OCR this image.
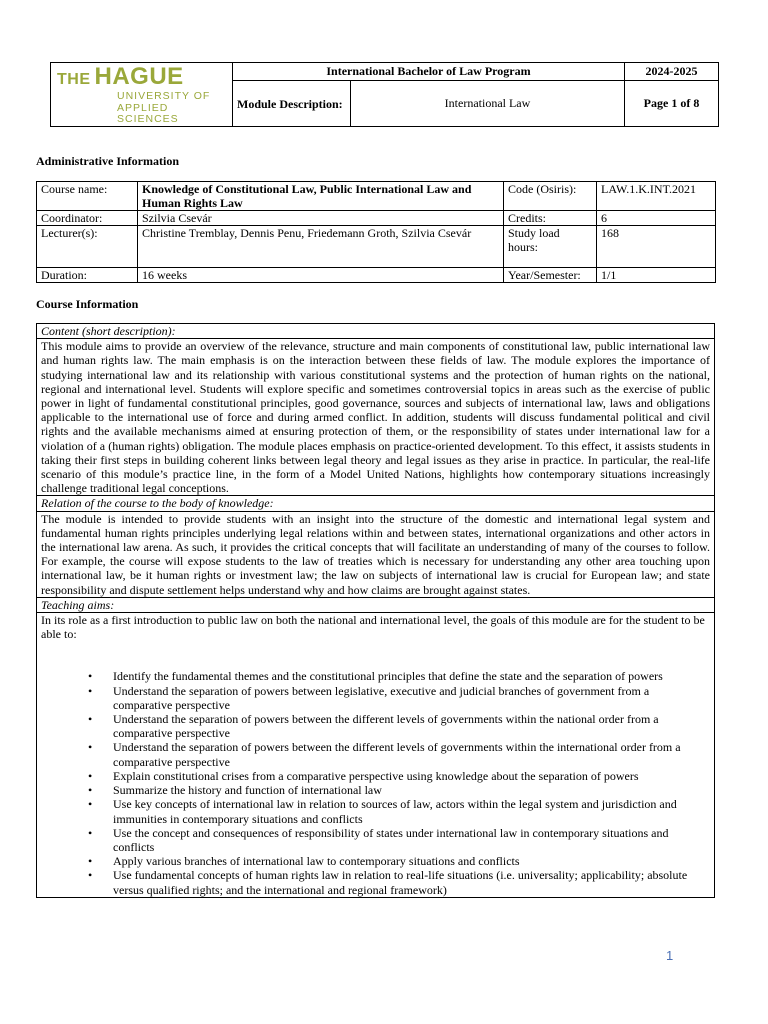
THE HAGUE
UNIVERSITY OF
APPLIED SCIENCES	International Bachelor of Law Program		2024-2025
	Module Description:	International Law	Page 1 of 8
Administrative Information
Course name:	Knowledge of Constitutional Law, Public International Law and Human Rights Law	Code (Osiris):	LAW.1.K.INT.2021
Coordinator:	Szilvia Csevár	Credits:	6
Lecturer(s):	Christine Tremblay, Dennis Penu, Friedemann Groth, Szilvia Csevár	Study load hours:	168
Duration:	16 weeks	Year/Semester:	1/1
Course Information
Content (short description):
This module aims to provide an overview of the relevance, structure and main components of constitutional law, public international law and human rights law. The main emphasis is on the interaction between these fields of law. The module explores the importance of studying international law and its relationship with various constitutional systems and the protection of human rights on the national, regional and international level. Students will explore specific and sometimes controversial topics in areas such as the exercise of public power in light of fundamental constitutional principles, good governance, sources and subjects of international law, laws and obligations applicable to the international use of force and during armed conflict. In addition, students will discuss fundamental political and civil rights and the available mechanisms aimed at ensuring protection of them, or the responsibility of states under international law for a violation of a (human rights) obligation. The module places emphasis on practice-oriented development. To this effect, it assists students in taking their first steps in building coherent links between legal theory and legal issues as they arise in practice. In particular, the real-life scenario of this module’s practice line, in the form of a Model United Nations, highlights how contemporary situations increasingly challenge traditional legal conceptions.
Relation of the course to the body of knowledge:
The module is intended to provide students with an insight into the structure of the domestic and international legal system and fundamental human rights principles underlying legal relations within and between states, international organizations and other actors in the international law arena. As such, it provides the critical concepts that will facilitate an understanding of many of the courses to follow. For example, the course will expose students to the law of treaties which is necessary for understanding any other area touching upon international law, be it human rights or investment law; the law on subjects of international law is crucial for European law; and state responsibility and dispute settlement helps understand why and how claims are brought against states.
Teaching aims:

In its role as a first introduction to public law on both the national and international level, the goals of this module are for the student to be able to:
• Identify the fundamental themes and the constitutional principles that define the state and the separation of powers
• Understand the separation of powers between legislative, executive and judicial branches of government from a comparative perspective
• Understand the separation of powers between the different levels of governments within the national order from a comparative perspective
• Understand the separation of powers between the different levels of governments within the international order from a comparative perspective
• Explain constitutional crises from a comparative perspective using knowledge about the separation of powers
• Summarize the history and function of international law
• Use key concepts of international law in relation to sources of law, actors within the legal system and jurisdiction and immunities in contemporary situations and conflicts
• Use the concept and consequences of responsibility of states under international law in contemporary situations and conflicts
• Apply various branches of international law to contemporary situations and conflicts
• Use fundamental concepts of human rights law in relation to real-life situations (i.e. universality; applicability; absolute versus qualified rights; and the international and regional framework)
1
